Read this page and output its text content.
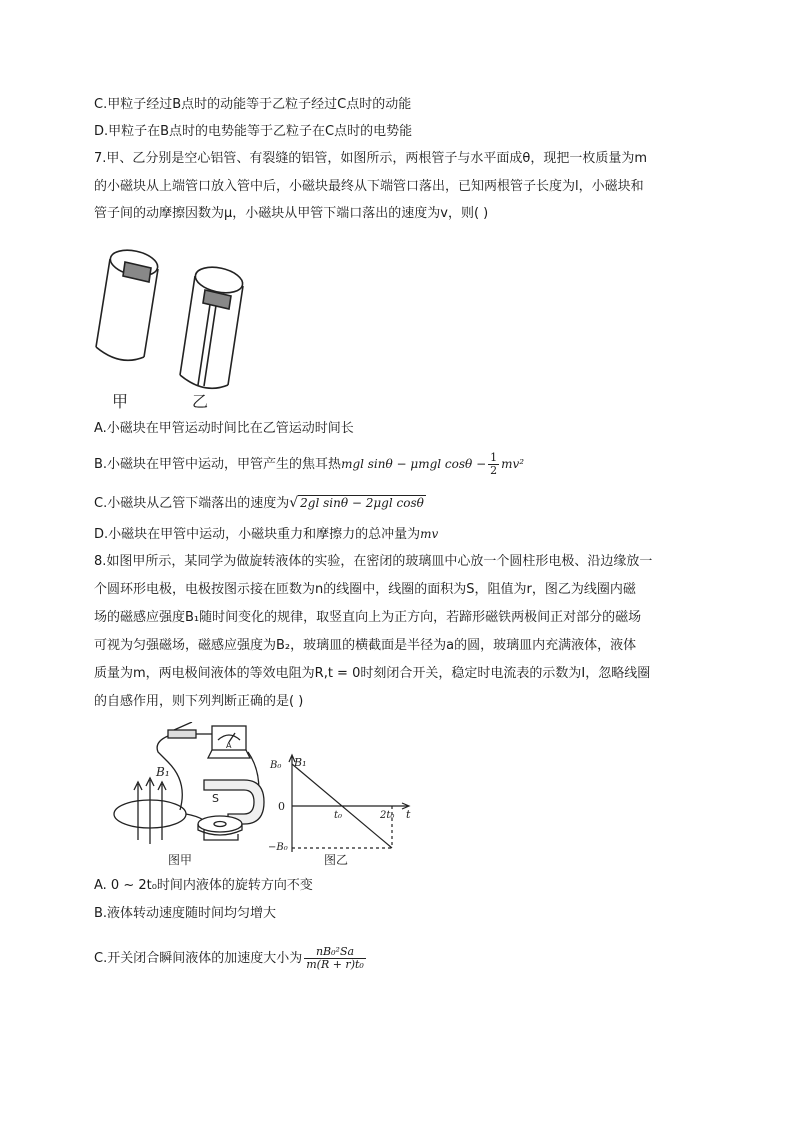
C.甲粒子经过B点时的动能等于乙粒子经过C点时的动能
D.甲粒子在B点时的电势能等于乙粒子在C点时的电势能
7.甲、乙分别是空心铝管、有裂缝的铝管，如图所示，两根管子与水平面成θ，现把一枚质量为m
的小磁块从上端管口放入管中后，小磁块最终从下端管口落出，已知两根管子长度为l，小磁块和
管子间的动摩擦因数为μ，小磁块从甲管下端口落出的速度为v，则( )
甲	乙
A.小磁块在甲管运动时间比在乙管运动时间长
B.小磁块在甲管中运动，甲管产生的焦耳热mgl sinθ − μmgl $\cos\theta - \frac{1}{2} mv^2$
C.小磁块从乙管下端落出的速度为√ 2gl sinθ − 2μgl cosθ
D.小磁块在甲管中运动，小磁块重力和摩擦力的总冲量为mv
8.如图甲所示，某同学为做旋转液体的实验，在密闭的玻璃皿中心放一个圆柱形电极、沿边缘放一
个圆环形电极，电极按图示接在匝数为n的线圈中，线圈的面积为S，阻值为r，图乙为线圈内磁
场的磁感应强度B₁随时间变化的规律，取竖直向上为正方向，若蹄形磁铁两极间正对部分的磁场
可视为匀强磁场，磁感应强度为B₂，玻璃皿的横截面是半径为a的圆，玻璃皿内充满液体，液体
质量为m，两电极间液体的等效电阻为R,t = 0时刻闭合开关，稳定时电流表的示数为I，忽略线圈
的自感作用，则下列判断正确的是( )
B₁
S
A
图甲
B₁
B₀
0
t₀	2t₀ t
−B₀
图乙
A. 0 ~ 2t₀时间内液体的旋转方向不变
B.液体转动速度随时间均匀增大
C.开关闭合瞬间液体的加速度大小为 $\frac{\text{nB₀²Sa}}{\text{m(R + r)t₀}}$
